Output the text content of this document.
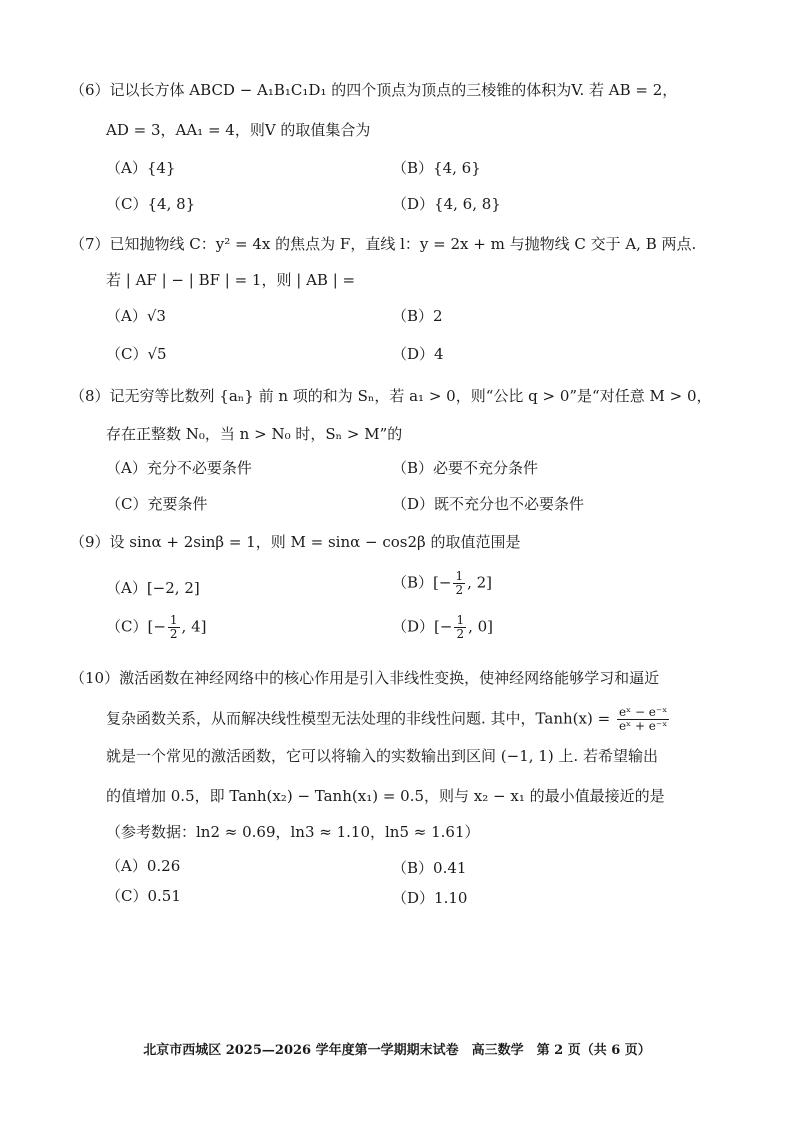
（6）记以长方体 ABCD − A₁B₁C₁D₁ 的四个顶点为顶点的三棱锥的体积为V. 若 AB = 2，
AD = 3，AA₁ = 4，则V 的取值集合为
（A）{4}	（B）{4, 6}
（C）{4, 8}	（D）{4, 6, 8}
（7）已知抛物线 C：y² = 4x 的焦点为 F，直线 l：y = 2x + m 与抛物线 C 交于 A, B 两点.
若 | AF | − | BF | = 1，则 | AB | =
（A）√3	（B）2
（C）√5	（D）4
（8）记无穷等比数列 {aₙ} 前 n 项的和为 Sₙ，若 a₁ > 0，则“公比 q > 0”是“对任意 M > 0，
存在正整数 N₀，当 n > N₀ 时，Sₙ > M”的
（A）充分不必要条件	（B）必要不充分条件
（C）充要条件	（D）既不充分也不必要条件
（9）设 sinα + 2sinβ = 1，则 M = sinα − cos2β 的取值范围是
（A）[−2, 2]	$(B)[- \frac{1}{2}$ , 2]
$(C)[- \frac{1}{2}$ , 4]	$(D)[- \frac{1}{2}$ , 0]
（10）激活函数在神经网络中的核心作用是引入非线性变换，使神经网络能够学习和逼近
复杂函数关系，从而解决线性模型无法处理的非线性问题. 其中，Tanh(x) = $\frac{\text{eˣ − e⁻ˣ}}{\text{eˣ + e⁻ˣ}}$
就是一个常见的激活函数，它可以将输入的实数输出到区间 (−1, 1) 上. 若希望输出
的值增加 0.5，即 Tanh(x₂) − Tanh(x₁) = 0.5，则与 x₂ − x₁ 的最小值最接近的是
（参考数据：ln2 ≈ 0.69，ln3 ≈ 1.10，ln5 ≈ 1.61）
（A）0.26	（B）0.41
（C）0.51	（D）1.10
北京市西城区 2025—2026 学年度第一学期期末试卷　高三数学　第 2 页（共 6 页）
